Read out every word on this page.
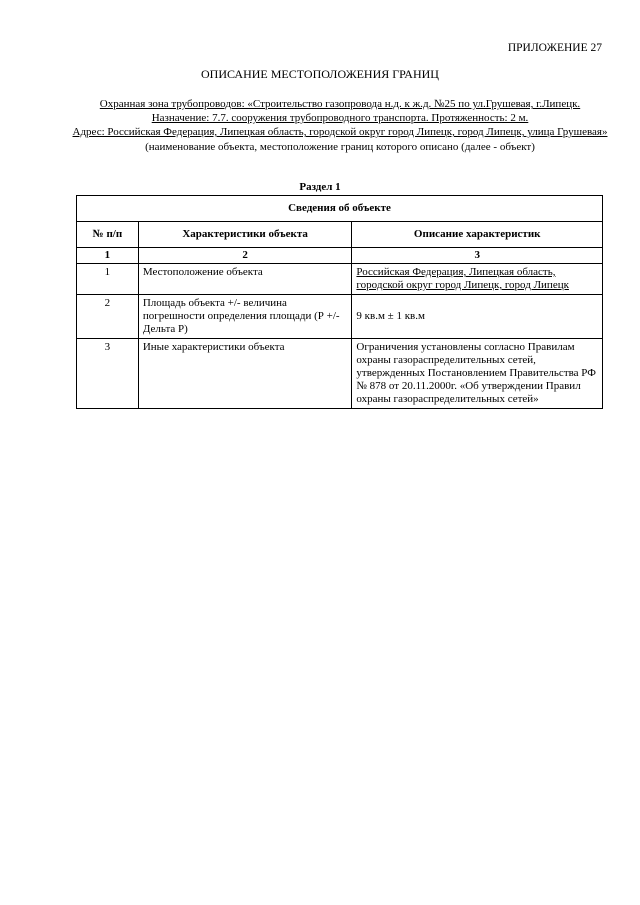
ПРИЛОЖЕНИЕ 27
ОПИСАНИЕ МЕСТОПОЛОЖЕНИЯ ГРАНИЦ
Охранная зона трубопроводов: «Строительство газопровода н.д. к ж.д. №25 по ул.Грушевая, г.Липецк.
Назначение: 7.7. сооружения трубопроводного транспорта. Протяженность: 2 м.
Адрес: Российская Федерация, Липецкая область, городской округ город Липецк, город Липецк, улица Грушевая»
(наименование объекта, местоположение границ которого описано (далее - объект)
Раздел 1
Сведения об объекте		
№ п/п	Характеристики объекта	Описание характеристик
1	2	3
1	Местоположение объекта	Российская Федерация, Липецкая область, городской округ город Липецк, город Липецк
2	Площадь объекта +/- величина погрешности определения площади (Р +/- Дельта Р)	9 кв.м ± 1 кв.м
3	Иные характеристики объекта	Ограничения установлены согласно Правилам охраны газораспределительных сетей, утвержденных Постановлением Правительства РФ № 878 от 20.11.2000г. «Об утверждении Правил охраны газораспределительных сетей»
